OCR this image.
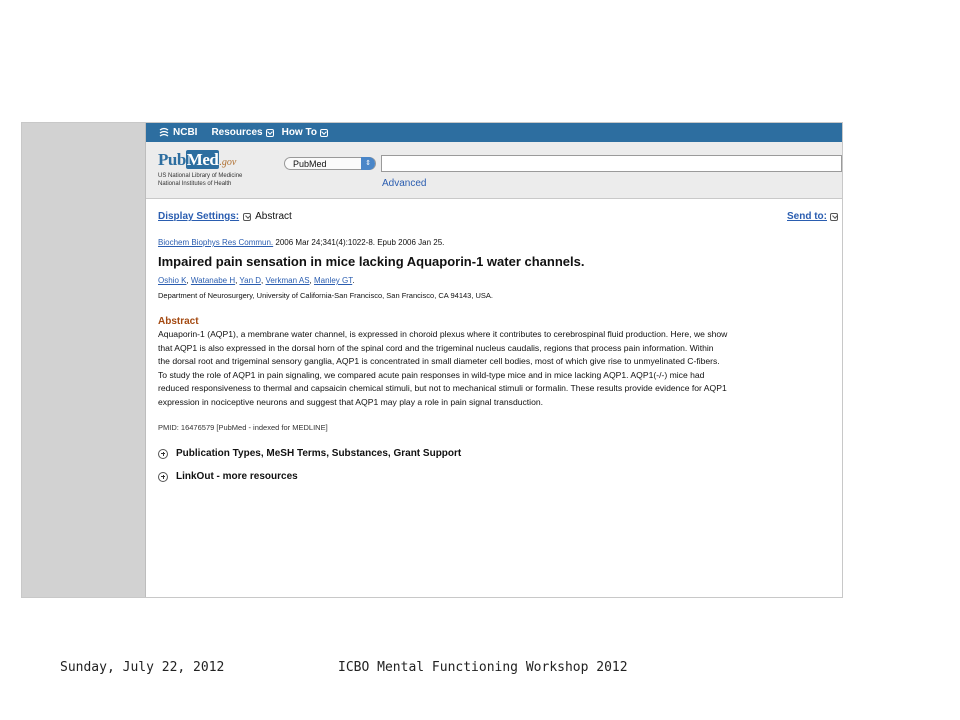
NCBI Resources How To
PubMed.gov
US National Library of Medicine
National Institutes of Health
PubMed	⇕
Advanced
Display Settings: Abstract	Send to:
Biochem Biophys Res Commun. 2006 Mar 24;341(4):1022-8. Epub 2006 Jan 25.
Impaired pain sensation in mice lacking Aquaporin-1 water channels.
Oshio K, Watanabe H, Yan D, Verkman AS, Manley GT.
Department of Neurosurgery, University of California-San Francisco, San Francisco, CA 94143, USA.
Abstract
Aquaporin-1 (AQP1), a membrane water channel, is expressed in choroid plexus where it contributes to cerebrospinal fluid production. Here, we show
that AQP1 is also expressed in the dorsal horn of the spinal cord and the trigeminal nucleus caudalis, regions that process pain information. Within
the dorsal root and trigeminal sensory ganglia, AQP1 is concentrated in small diameter cell bodies, most of which give rise to unmyelinated C-fibers.
To study the role of AQP1 in pain signaling, we compared acute pain responses in wild-type mice and in mice lacking AQP1. AQP1(-/-) mice had
reduced responsiveness to thermal and capsaicin chemical stimuli, but not to mechanical stimuli or formalin. These results provide evidence for AQP1
expression in nociceptive neurons and suggest that AQP1 may play a role in pain signal transduction.
PMID: 16476579 [PubMed - indexed for MEDLINE]
Publication Types, MeSH Terms, Substances, Grant Support
LinkOut - more resources
Sunday, July 22, 2012	ICBO Mental Functioning Workshop 2012
